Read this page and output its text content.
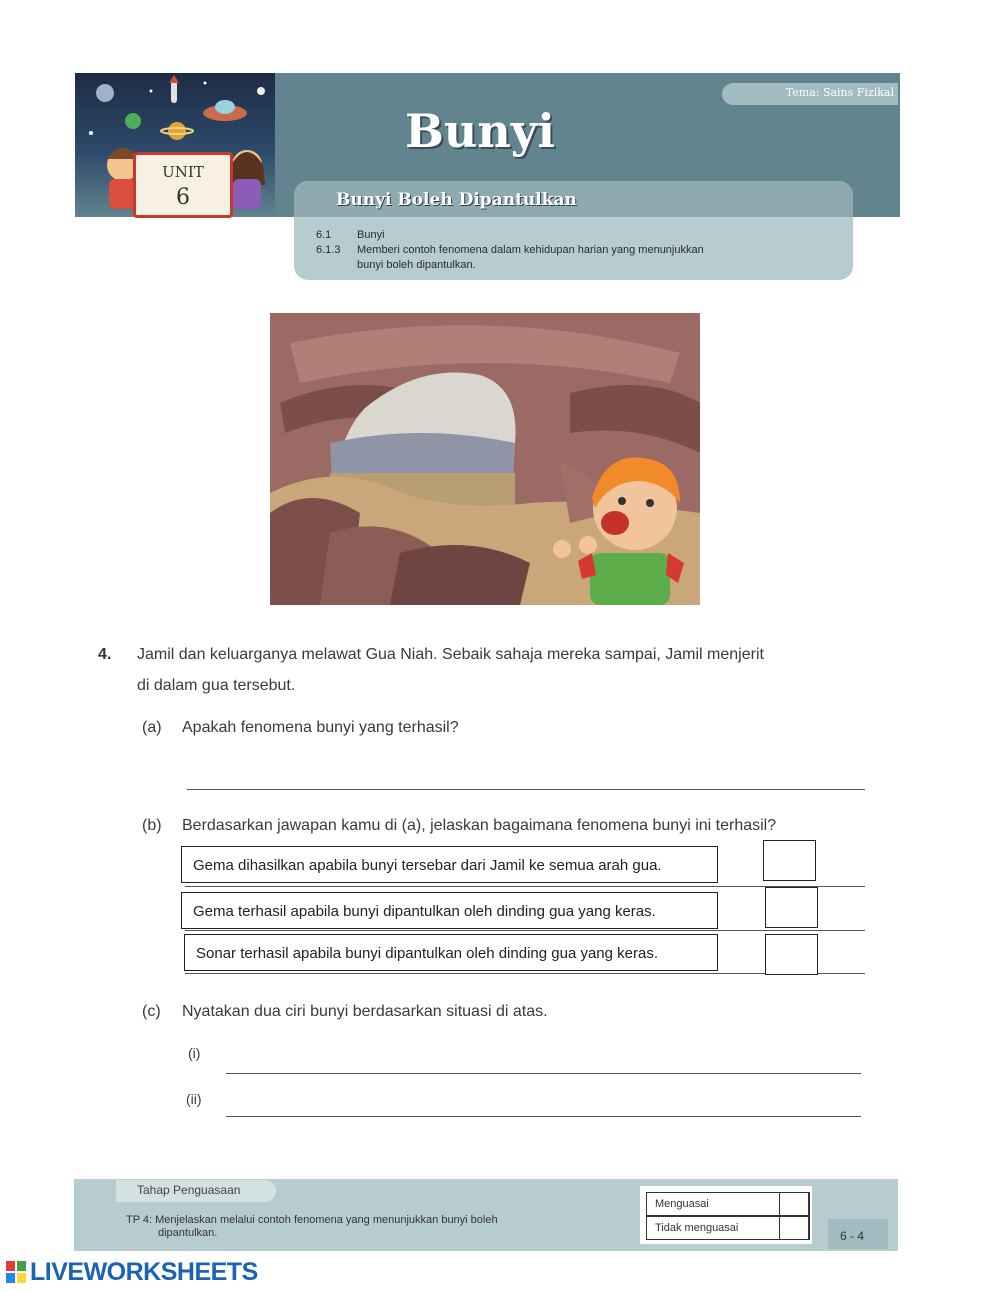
UNIT
6
Tema: Sains Fizikal
Bunyi
Bunyi Boleh Dipantulkan
6.1 Bunyi
6.1.3 Memberi contoh fenomena dalam kehidupan harian yang menunjukkan
bunyi boleh dipantulkan.
4. Jamil dan keluarganya melawat Gua Niah. Sebaik sahaja mereka sampai, Jamil menjerit
di dalam gua tersebut.
(a) Apakah fenomena bunyi yang terhasil?
(b) Berdasarkan jawapan kamu di (a), jelaskan bagaimana fenomena bunyi ini terhasil?
Gema dihasilkan apabila bunyi tersebar dari Jamil ke semua arah gua.
Gema terhasil apabila bunyi dipantulkan oleh dinding gua yang keras.
Sonar terhasil apabila bunyi dipantulkan oleh dinding gua yang keras.
(c) Nyatakan dua ciri bunyi berdasarkan situasi di atas.
(i)
(ii)
Tahap Penguasaan
TP 4: Menjelaskan melalui contoh fenomena yang menunjukkan bunyi boleh
dipantulkan.
Menguasai
Tidak menguasai
6 - 4
LIVEWORKSHEETS
